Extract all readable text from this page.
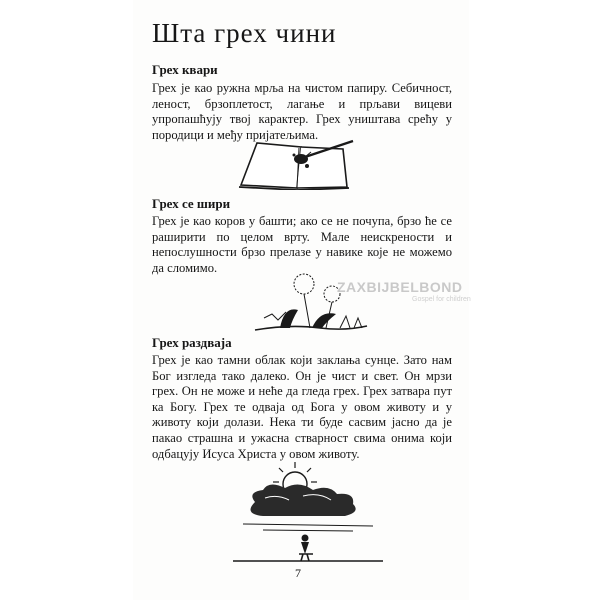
Шта грех чини
Грех квари

Грех је као ружна мрља на чистом папиру. Себичност, леност, брзоплетост, лагање и прљави вицеви упропашћују твој карактер. Грех уништава срећу у породици и међу пријатељима.

Грех се шири

Грех је као коров у башти; ако се не почупа, брзо ће се раширити по целом врту. Мале неискрености и непослушности брзо прелазе у навике које не можемо да сломимо.

ZAXBIJBELBOND
Gospel for children
Грех раздваја

Грех је као тамни облак који заклања сунце. Зато нам Бог изгледа тако далеко. Он је чист и свет. Он мрзи грех. Он не може и неће да гледа грех. Грех затвара пут ка Богу. Грех те одваја од Бога у овом животу и у животу који долази. Нека ти буде сасвим јасно да је пакао страшна и ужасна стварност свима онима који одбацују Исуса Христа у овом животу.

7
